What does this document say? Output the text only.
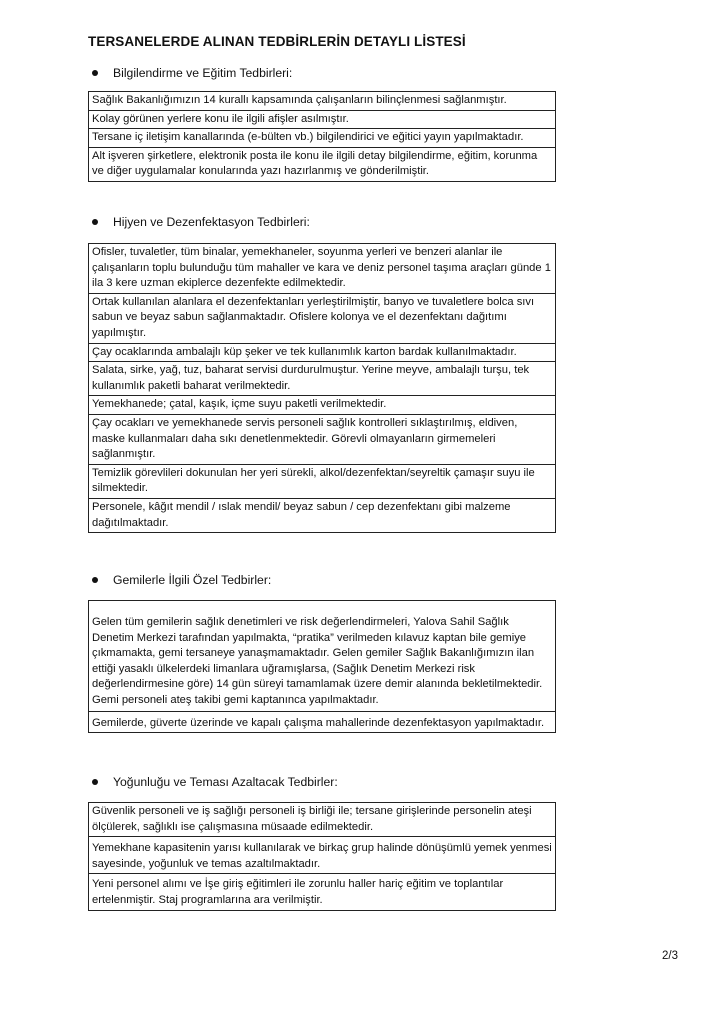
TERSANELERDE ALINAN TEDBİRLERİN DETAYLI LİSTESİ
Bilgilendirme ve Eğitim Tedbirleri:
Sağlık Bakanlığımızın 14 kurallı kapsamında çalışanların bilinçlenmesi sağlanmıştır.
Kolay görünen yerlere konu ile ilgili afişler asılmıştır.
Tersane iç iletişim kanallarında (e-bülten vb.) bilgilendirici ve eğitici yayın yapılmaktadır.
Alt işveren şirketlere, elektronik posta ile konu ile ilgili detay bilgilendirme, eğitim, korunma ve diğer uygulamalar konularında yazı hazırlanmış ve gönderilmiştir.
Hijyen ve Dezenfektasyon Tedbirleri:
Ofisler, tuvaletler, tüm binalar, yemekhaneler, soyunma yerleri ve benzeri alanlar ile çalışanların toplu bulunduğu tüm mahaller ve kara ve deniz personel taşıma araçları günde 1 ila 3 kere uzman ekiplerce dezenfekte edilmektedir.
Ortak kullanılan alanlara el dezenfektanları yerleştirilmiştir, banyo ve tuvaletlere bolca sıvı sabun ve beyaz sabun sağlanmaktadır. Ofislere kolonya ve el dezenfektanı dağıtımı yapılmıştır.
Çay ocaklarında ambalajlı küp şeker ve tek kullanımlık karton bardak kullanılmaktadır.
Salata, sirke, yağ, tuz, baharat servisi durdurulmuştur. Yerine meyve, ambalajlı turşu, tek kullanımlık paketli baharat verilmektedir.
Yemekhanede; çatal, kaşık, içme suyu paketli verilmektedir.
Çay ocakları ve yemekhanede servis personeli sağlık kontrolleri sıklaştırılmış, eldiven, maske kullanmaları daha sıkı denetlenmektedir. Görevli olmayanların girmemeleri sağlanmıştır.
Temizlik görevlileri dokunulan her yeri sürekli, alkol/dezenfektan/seyreltik çamaşır suyu ile silmektedir.
Personele, kâğıt mendil / ıslak mendil/ beyaz sabun / cep dezenfektanı gibi malzeme dağıtılmaktadır.
Gemilerle İlgili Özel Tedbirler:
Gelen tüm gemilerin sağlık denetimleri ve risk değerlendirmeleri, Yalova Sahil Sağlık Denetim Merkezi tarafından yapılmakta, “pratika” verilmeden kılavuz kaptan bile gemiye çıkmamakta, gemi tersaneye yanaşmamaktadır. Gelen gemiler Sağlık Bakanlığımızın ilan ettiği yasaklı ülkelerdeki limanlara uğramışlarsa, (Sağlık Denetim Merkezi risk değerlendirmesine göre) 14 gün süreyi tamamlamak üzere demir alanında bekletilmektedir. Gemi personeli ateş takibi gemi kaptanınca yapılmaktadır.
Gemilerde, güverte üzerinde ve kapalı çalışma mahallerinde dezenfektasyon yapılmaktadır.
Yoğunluğu ve Teması Azaltacak Tedbirler:
Güvenlik personeli ve iş sağlığı personeli iş birliği ile; tersane girişlerinde personelin ateşi ölçülerek, sağlıklı ise çalışmasına müsaade edilmektedir.
Yemekhane kapasitenin yarısı kullanılarak ve birkaç grup halinde dönüşümlü yemek yenmesi sayesinde, yoğunluk ve temas azaltılmaktadır.
Yeni personel alımı ve İşe giriş eğitimleri ile zorunlu haller hariç eğitim ve toplantılar ertelenmiştir. Staj programlarına ara verilmiştir.
2/3
